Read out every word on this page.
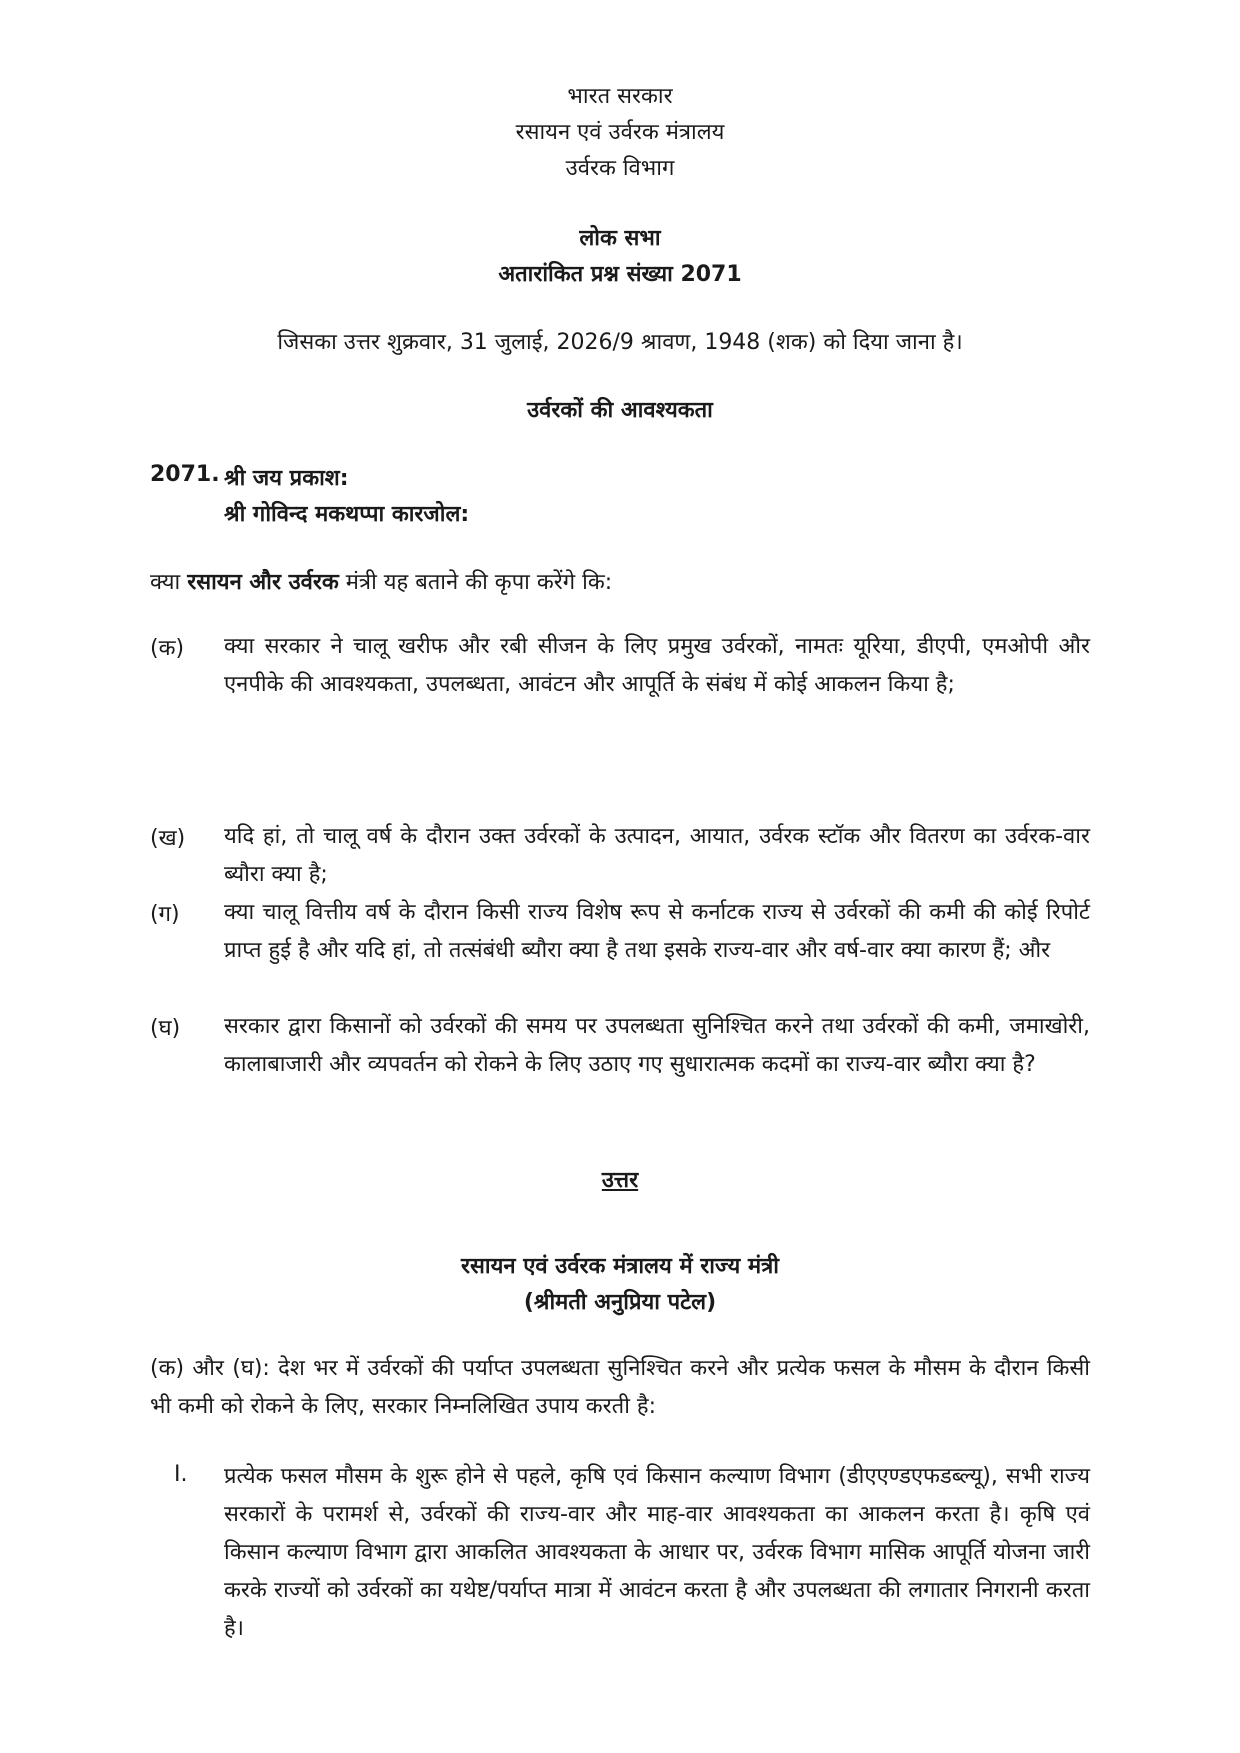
भारत सरकार
रसायन एवं उर्वरक मंत्रालय
उर्वरक विभाग
लोक सभा
अतारांकित प्रश्न संख्या 2071
जिसका उत्तर शुक्रवार, 31 जुलाई, 2026/9 श्रावण, 1948 (शक) को दिया जाना है।
उर्वरकों की आवश्यकता
2071. श्री जय प्रकाश:
श्री गोविन्द मकथप्पा कारजोल:
क्या रसायन और उर्वरक मंत्री यह बताने की कृपा करेंगे कि:
(क) क्या सरकार ने चालू खरीफ और रबी सीजन के लिए प्रमुख उर्वरकों, नामतः यूरिया, डीएपी, एमओपी और एनपीके की आवश्यकता, उपलब्धता, आवंटन और आपूर्ति के संबंध में कोई आकलन किया है;
(ख) यदि हां, तो चालू वर्ष के दौरान उक्त उर्वरकों के उत्पादन, आयात, उर्वरक स्टॉक और वितरण का उर्वरक-वार ब्यौरा क्या है;
(ग) क्या चालू वित्तीय वर्ष के दौरान किसी राज्य विशेष रूप से कर्नाटक राज्य से उर्वरकों की कमी की कोई रिपोर्ट प्राप्त हुई है और यदि हां, तो तत्संबंधी ब्यौरा क्या है तथा इसके राज्य-वार और वर्ष-वार क्या कारण हैं; और
(घ) सरकार द्वारा किसानों को उर्वरकों की समय पर उपलब्धता सुनिश्चित करने तथा उर्वरकों की कमी, जमाखोरी, कालाबाजारी और व्यपवर्तन को रोकने के लिए उठाए गए सुधारात्मक कदमों का राज्य-वार ब्यौरा क्या है?
उत्तर
रसायन एवं उर्वरक मंत्रालय में राज्य मंत्री
(श्रीमती अनुप्रिया पटेल)
(क) और (घ): देश भर में उर्वरकों की पर्याप्त उपलब्धता सुनिश्चित करने और प्रत्येक फसल के मौसम के दौरान किसी भी कमी को रोकने के लिए, सरकार निम्नलिखित उपाय करती है:
I. प्रत्येक फसल मौसम के शुरू होने से पहले, कृषि एवं किसान कल्याण विभाग (डीएएण्डएफडब्ल्यू), सभी राज्य सरकारों के परामर्श से, उर्वरकों की राज्य-वार और माह-वार आवश्यकता का आकलन करता है। कृषि एवं किसान कल्याण विभाग द्वारा आकलित आवश्यकता के आधार पर, उर्वरक विभाग मासिक आपूर्ति योजना जारी करके राज्यों को उर्वरकों का यथेष्ट/पर्याप्त मात्रा में आवंटन करता है और उपलब्धता की लगातार निगरानी करता है।
